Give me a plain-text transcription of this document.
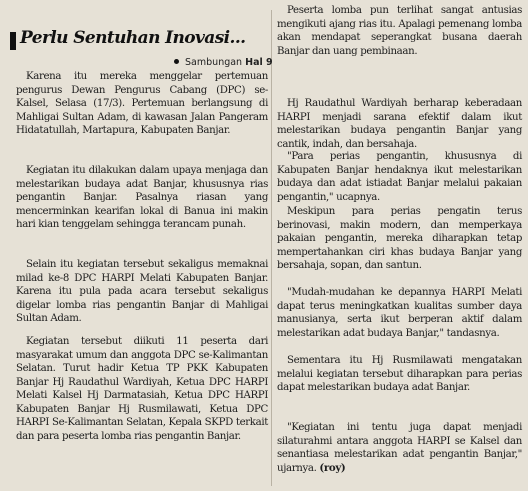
Perlu Sentuhan Inovasi...
Sambungan Hal 9

Karena itu mereka menggelar pertemuan pengurus Dewan Pengurus Cabang (DPC) se-Kalsel, Selasa (17/3). Pertemuan berlangsung di Mahligai Sultan Adam, di kawasan Jalan Pangeram Hidatatullah, Martapura, Kabupaten Banjar.

Kegiatan itu dilakukan dalam upaya menjaga dan melestarikan budaya adat Banjar, khususnya rias pengantin Banjar. Pasalnya riasan yang mencerminkan kearifan lokal di Banua ini makin hari kian tenggelam sehingga terancam punah.

Selain itu kegiatan tersebut sekaligus memaknai milad ke-8 DPC HARPI Melati Kabupaten Banjar. Karena itu pula pada acara tersebut sekaligus digelar lomba rias pengantin Banjar di Mahligai Sultan Adam.

Kegiatan tersebut diikuti 11 peserta dari masyarakat umum dan anggota DPC se-Kalimantan Selatan. Turut hadir Ketua TP PKK Kabupaten Banjar Hj Raudathul Wardiyah, Ketua DPC HARPI Melati Kalsel Hj Darmatasiah, Ketua DPC HARPI Kabupaten Banjar Hj Rusmilawati, Ketua DPC HARPI Se-Kalimantan Selatan, Kepala SKPD terkait dan para peserta lomba rias pengantin Banjar.

Peserta lomba pun terlihat sangat antusias mengikuti ajang rias itu. Apalagi pemenang lomba akan mendapat seperangkat busana daerah Banjar dan uang pembinaan.

Hj Raudathul Wardiyah berharap keberadaan HARPI menjadi sarana efektif dalam ikut melestarikan budaya pengantin Banjar yang cantik, indah, dan bersahaja.

"Para perias pengantin, khususnya di Kabupaten Banjar hendaknya ikut melestarikan budaya dan adat istiadat Banjar melalui pakaian pengantin," ucapnya.

Meskipun para perias pengatin terus berinovasi, makin modern, dan memperkaya pakaian pengantin, mereka diharapkan tetap mempertahankan ciri khas budaya Banjar yang bersahaja, sopan, dan santun.

"Mudah-mudahan ke depannya HARPI Melati dapat terus meningkatkan kualitas sumber daya manusianya, serta ikut berperan aktif dalam melestarikan adat budaya Banjar," tandasnya.

Sementara itu Hj Rusmilawati mengatakan melalui kegiatan tersebut diharapkan para perias dapat melestarikan budaya adat Banjar.

"Kegiatan ini tentu juga dapat menjadi silaturahmi antara anggota HARPI se Kalsel dan senantiasa melestarikan adat pengantin Banjar," ujarnya. (roy)
